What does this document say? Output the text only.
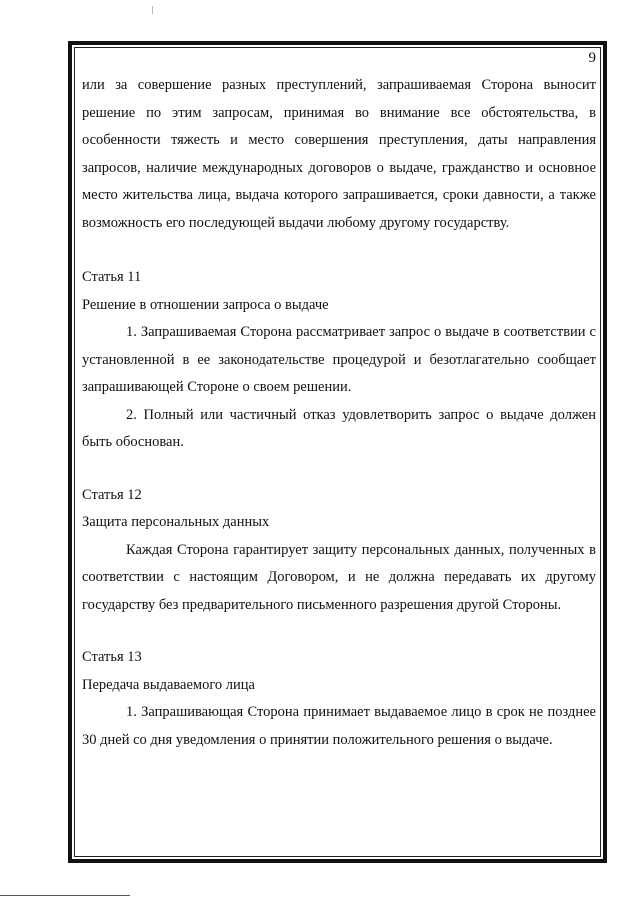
9

или за совершение разных преступлений, запрашиваемая Сторона выносит решение по этим запросам, принимая во внимание все обстоятельства, в особенности тяжесть и место совершения преступления, даты направления запросов, наличие международных договоров о выдаче, гражданство и основное место жительства лица, выдача которого запрашивается, сроки давности, а также возможность его последующей выдачи любому другому государству.

Статья 11

Решение в отношении запроса о выдаче

1. Запрашиваемая Сторона рассматривает запрос о выдаче в соответствии с установленной в ее законодательстве процедурой и безотлагательно сообщает запрашивающей Стороне о своем решении.

2. Полный или частичный отказ удовлетворить запрос о выдаче должен быть обоснован.

Статья 12

Защита персональных данных

Каждая Сторона гарантирует защиту персональных данных, полученных в соответствии с настоящим Договором, и не должна передавать их другому государству без предварительного письменного разрешения другой Стороны.

Статья 13

Передача выдаваемого лица

1. Запрашивающая Сторона принимает выдаваемое лицо в срок не позднее 30 дней со дня уведомления о принятии положительного решения о выдаче.
